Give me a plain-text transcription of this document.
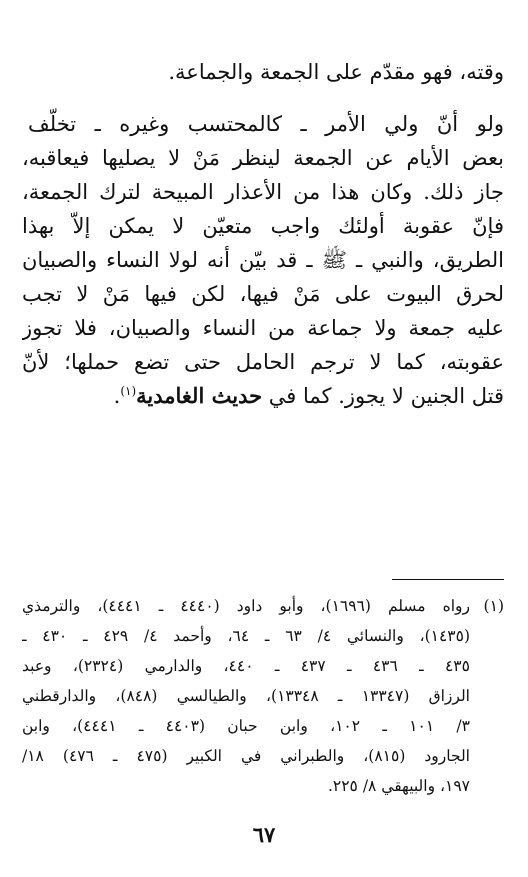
وقته، فهو مقدّم على الجمعة والجماعة.
ولو أنّ ولي الأمر ـ كالمحتسب وغيره ـ تخلّف
بعض الأيام عن الجمعة لينظر مَنْ لا يصليها فيعاقبه،
جاز ذلك. وكان هذا من الأعذار المبيحة لترك الجمعة،
فإنّ عقوبة أولئك واجب متعيّن لا يمكن إلاّ بهذا
الطريق، والنبي ـ ﷺ ـ قد بيّن أنه لولا النساء والصبيان
لحرق البيوت على مَنْ فيها، لكن فيها مَنْ لا تجب
عليه جمعة ولا جماعة من النساء والصبيان، فلا تجوز
عقوبته، كما لا ترجم الحامل حتى تضع حملها؛ لأنّ
قتل الجنين لا يجوز. كما في حديث الغامدية$^{(١)}$.
(١)
رواه مسلم (١٦٩٦)، وأبو داود (٤٤٤٠ ـ ٤٤٤١)، والترمذي
(١٤٣٥)، والنسائي ٤/ ٦٣ ـ ٦٤، وأحمد ٤/ ٤٢٩ ـ ٤٣٠ ـ
٤٣٥ ـ ٤٣٦ ـ ٤٣٧ ـ ٤٤٠، والدارمي (٢٣٢٤)، وعبد
الرزاق (١٣٣٤٧ ـ ١٣٣٤٨)، والطيالسي (٨٤٨)، والدارقطني
٣/ ١٠١ ـ ١٠٢، وابن حبان (٤٤٠٣ ـ ٤٤٤١)، وابن
الجارود (٨١٥)، والطبراني في الكبير (٤٧٥ ـ ٤٧٦) ١٨/
١٩٧، والبيهقي ٨/ ٢٢٥.
٦٧
